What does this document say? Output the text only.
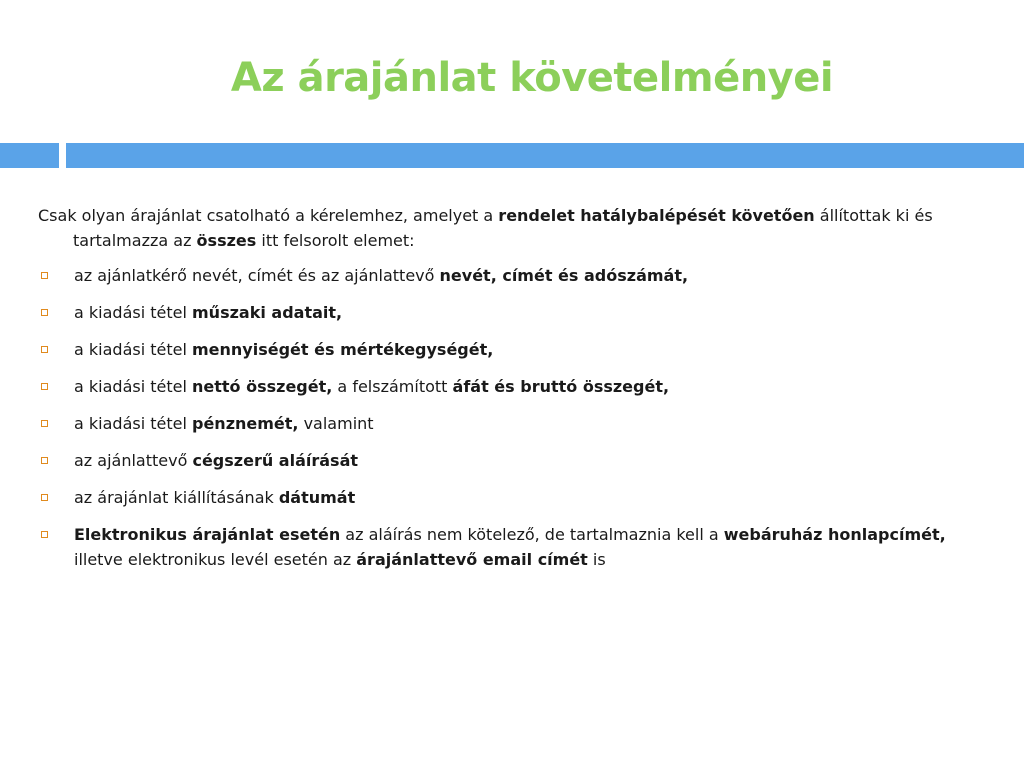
Az árajánlat követelményei

Csak olyan árajánlat csatolható a kérelemhez, amelyet a rendelet hatálybalépését követően állítottak ki és tartalmazza az összes itt felsorolt elemet:

az ajánlatkérő nevét, címét és az ajánlattevő nevét, címét és adószámát,
a kiadási tétel műszaki adatait,
a kiadási tétel mennyiségét és mértékegységét,
a kiadási tétel nettó összegét, a felszámított áfát és bruttó összegét,
a kiadási tétel pénznemét, valamint
az ajánlattevő cégszerű aláírását
az árajánlat kiállításának dátumát
Elektronikus árajánlat esetén az aláírás nem kötelező, de tartalmaznia kell a webáruház honlapcímét, illetve elektronikus levél esetén az árajánlattevő email címét is
